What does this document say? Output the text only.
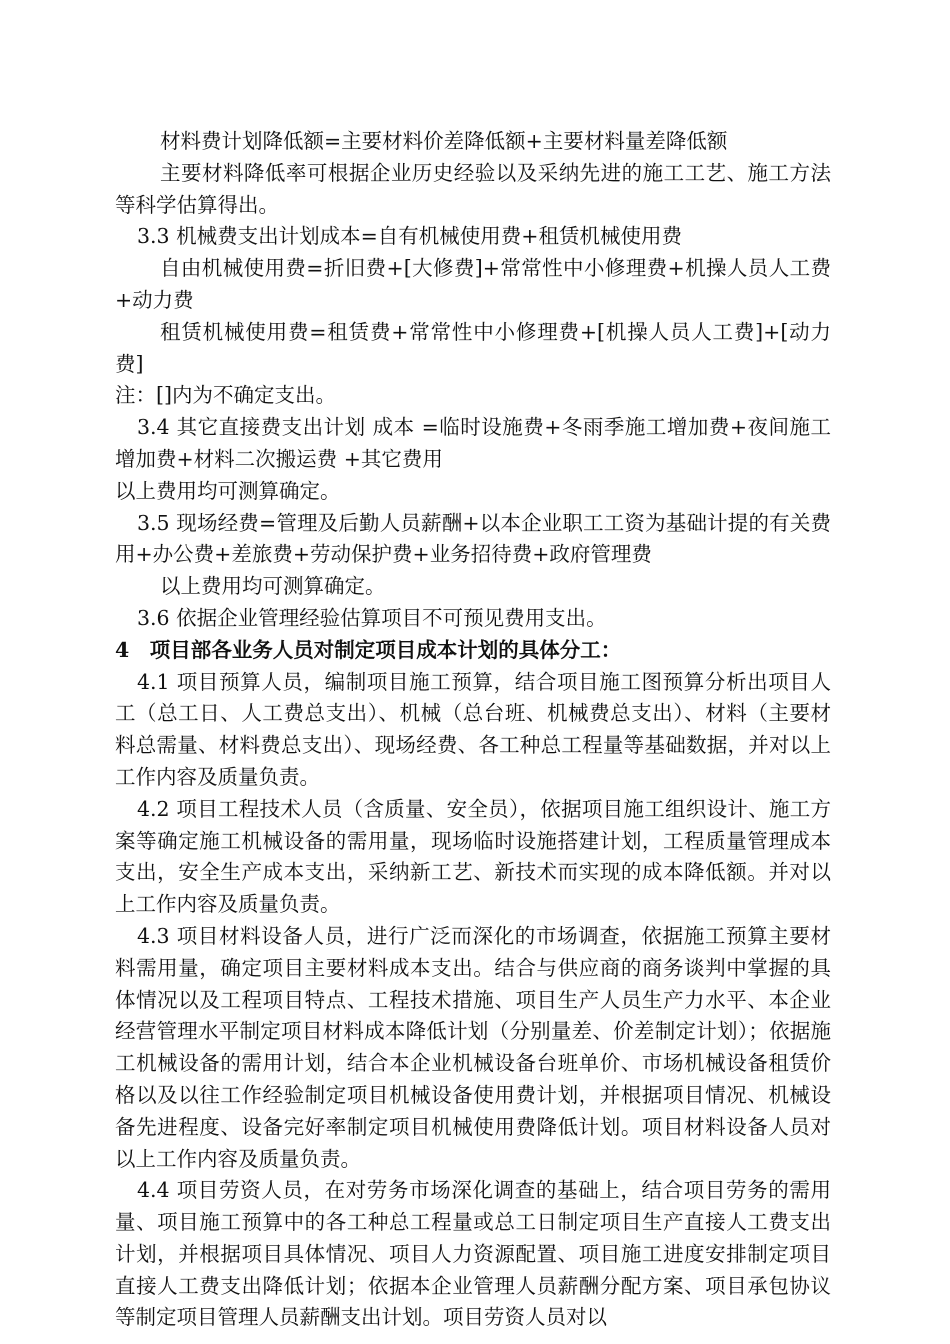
材料费计划降低额=主要材料价差降低额+主要材料量差降低额

主要材料降低率可根据企业历史经验以及采纳先进的施工工艺、施工方法等科学估算得出。

3.3 机械费支出计划成本=自有机械使用费+租赁机械使用费

自由机械使用费=折旧费+[大修费]+常常性中小修理费+机操人员人工费+动力费

租赁机械使用费=租赁费+常常性中小修理费+[机操人员人工费]+[动力费]

注：[]内为不确定支出。

3.4 其它直接费支出计划 成本 =临时设施费+冬雨季施工增加费+夜间施工增加费+材料二次搬运费 +其它费用

以上费用均可测算确定。

3.5 现场经费=管理及后勤人员薪酬+以本企业职工工资为基础计提的有关费用+办公费+差旅费+劳动保护费+业务招待费+政府管理费

以上费用均可测算确定。

3.6 依据企业管理经验估算项目不可预见费用支出。

4　项目部各业务人员对制定项目成本计划的具体分工：

4.1 项目预算人员，编制项目施工预算，结合项目施工图预算分析出项目人工（总工日、人工费总支出）、机械（总台班、机械费总支出）、材料（主要材料总需量、材料费总支出）、现场经费、各工种总工程量等基础数据，并对以上工作内容及质量负责。

4.2 项目工程技术人员（含质量、安全员），依据项目施工组织设计、施工方案等确定施工机械设备的需用量，现场临时设施搭建计划，工程质量管理成本支出，安全生产成本支出，采纳新工艺、新技术而实现的成本降低额。并对以上工作内容及质量负责。

4.3 项目材料设备人员，进行广泛而深化的市场调查，依据施工预算主要材料需用量，确定项目主要材料成本支出。结合与供应商的商务谈判中掌握的具体情况以及工程项目特点、工程技术措施、项目生产人员生产力水平、本企业经营管理水平制定项目材料成本降低计划（分别量差、价差制定计划）；依据施工机械设备的需用计划，结合本企业机械设备台班单价、市场机械设备租赁价格以及以往工作经验制定项目机械设备使用费计划，并根据项目情况、机械设备先进程度、设备完好率制定项目机械使用费降低计划。项目材料设备人员对以上工作内容及质量负责。

4.4 项目劳资人员，在对劳务市场深化调查的基础上，结合项目劳务的需用量、项目施工预算中的各工种总工程量或总工日制定项目生产直接人工费支出计划，并根据项目具体情况、项目人力资源配置、项目施工进度安排制定项目直接人工费支出降低计划；依据本企业管理人员薪酬分配方案、项目承包协议等制定项目管理人员薪酬支出计划。项目劳资人员对以
